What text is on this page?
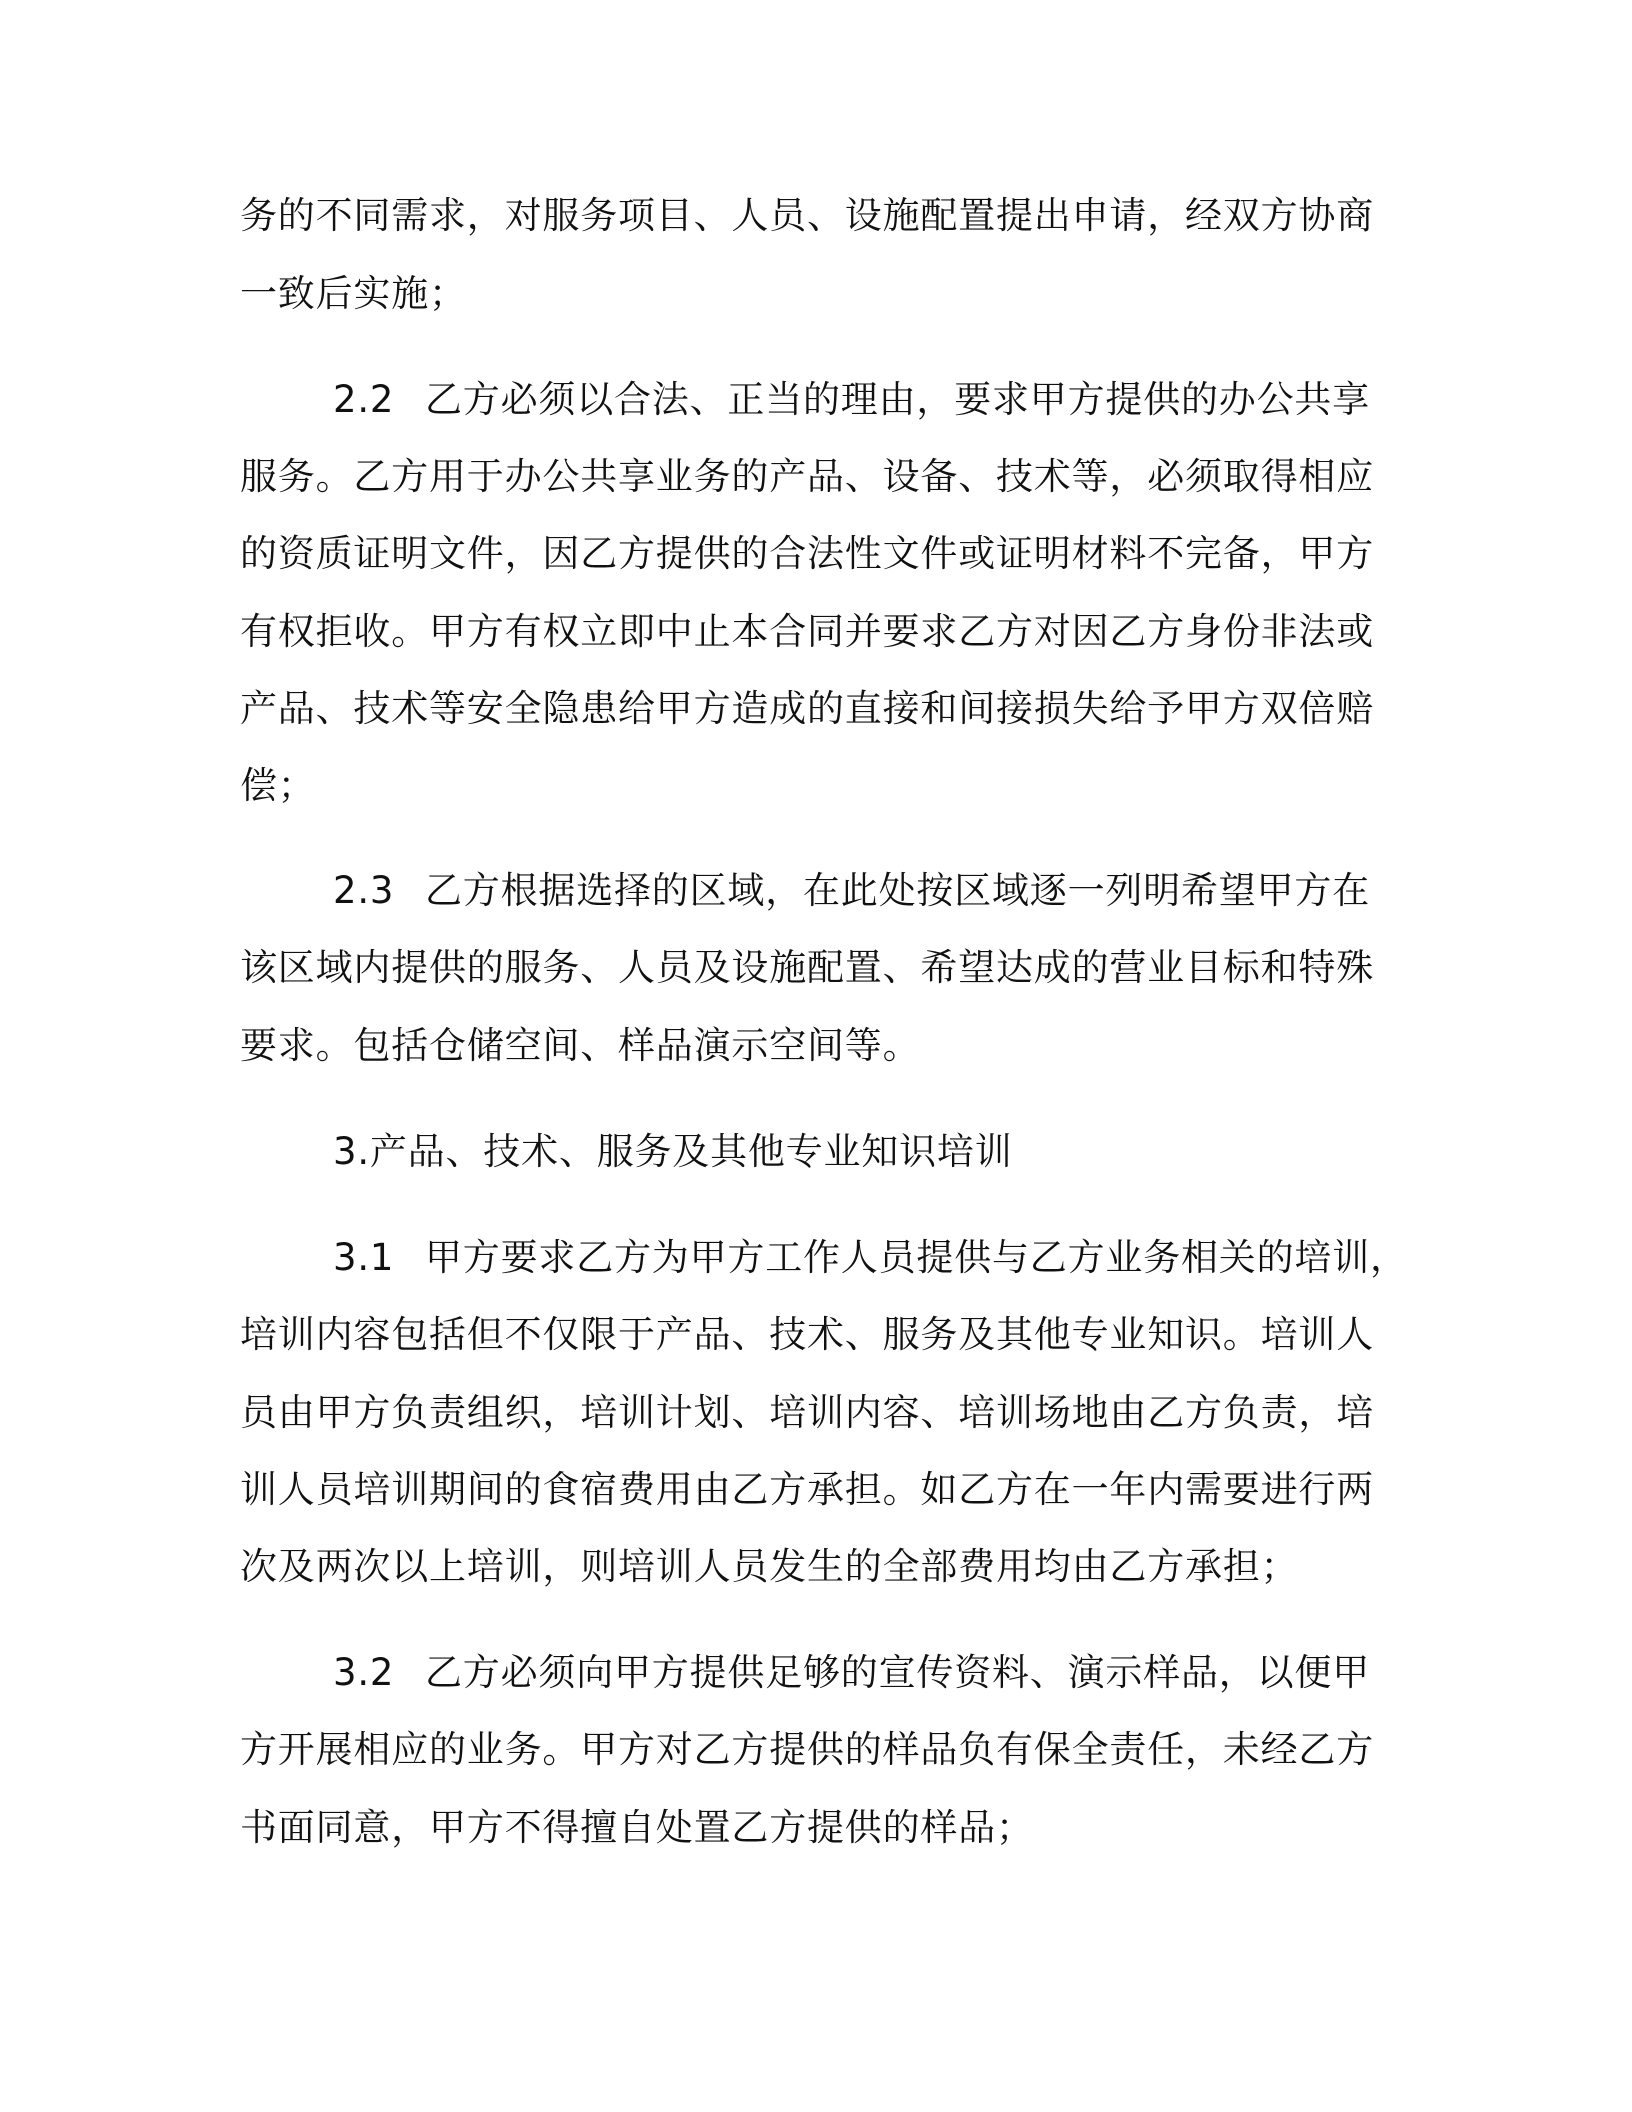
务的不同需求，对服务项目、人员、设施配置提出申请，经双方协商
一致后实施；
2.2 乙方必须以合法、正当的理由，要求甲方提供的办公共享
服务。乙方用于办公共享业务的产品、设备、技术等，必须取得相应
的资质证明文件，因乙方提供的合法性文件或证明材料不完备，甲方
有权拒收。甲方有权立即中止本合同并要求乙方对因乙方身份非法或
产品、技术等安全隐患给甲方造成的直接和间接损失给予甲方双倍赔
偿；
2.3 乙方根据选择的区域，在此处按区域逐一列明希望甲方在
该区域内提供的服务、人员及设施配置、希望达成的营业目标和特殊
要求。包括仓储空间、样品演示空间等。
3.产品、技术、服务及其他专业知识培训
3.1 甲方要求乙方为甲方工作人员提供与乙方业务相关的培训，
培训内容包括但不仅限于产品、技术、服务及其他专业知识。培训人
员由甲方负责组织，培训计划、培训内容、培训场地由乙方负责，培
训人员培训期间的食宿费用由乙方承担。如乙方在一年内需要进行两
次及两次以上培训，则培训人员发生的全部费用均由乙方承担；
3.2 乙方必须向甲方提供足够的宣传资料、演示样品，以便甲
方开展相应的业务。甲方对乙方提供的样品负有保全责任，未经乙方
书面同意，甲方不得擅自处置乙方提供的样品；
